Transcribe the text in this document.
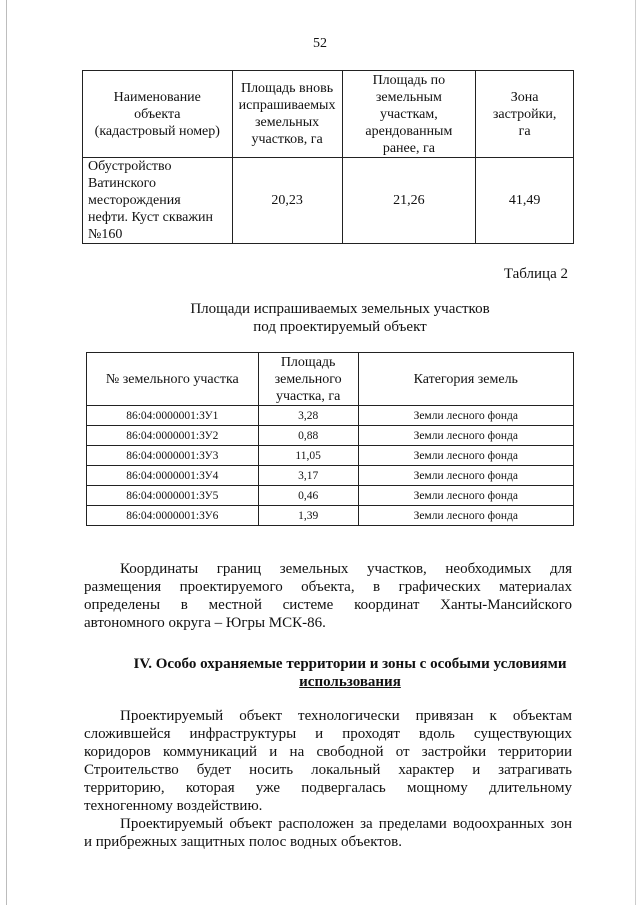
52
Наименование
объекта
(кадастровый номер)	Площадь вновь
испрашиваемых
земельных
участков, га	Площадь по
земельным
участкам,
арендованным
ранее, га	Зона
застройки,
га
Обустройство
Ватинского
месторождения
нефти. Куст скважин
№160	20,23	21,26	41,49
Таблица 2
Площади испрашиваемых земельных участков
под проектируемый объект
№ земельного участка	Площадь
земельного
участка, га	Категория земель
86:04:0000001:ЗУ1	3,28	Земли лесного фонда
86:04:0000001:ЗУ2	0,88	Земли лесного фонда
86:04:0000001:ЗУ3	11,05	Земли лесного фонда
86:04:0000001:ЗУ4	3,17	Земли лесного фонда
86:04:0000001:ЗУ5	0,46	Земли лесного фонда
86:04:0000001:ЗУ6	1,39	Земли лесного фонда

Координаты границ земельных участков, необходимых для
размещения проектируемого объекта, в графических материалах
определены в местной системе координат Ханты-Мансийского
автономного округа – Югры МСК-86.

IV. Особо охраняемые территории и зоны с особыми условиями
использования

Проектируемый объект технологически привязан к объектам
сложившейся инфраструктуры и проходят вдоль существующих
коридоров коммуникаций и на свободной от застройки территории
Строительство будет носить локальный характер и затрагивать
территорию, которая уже подвергалась мощному длительному
техногенному воздействию.

Проектируемый объект расположен за пределами водоохранных зон
и прибрежных защитных полос водных объектов.
